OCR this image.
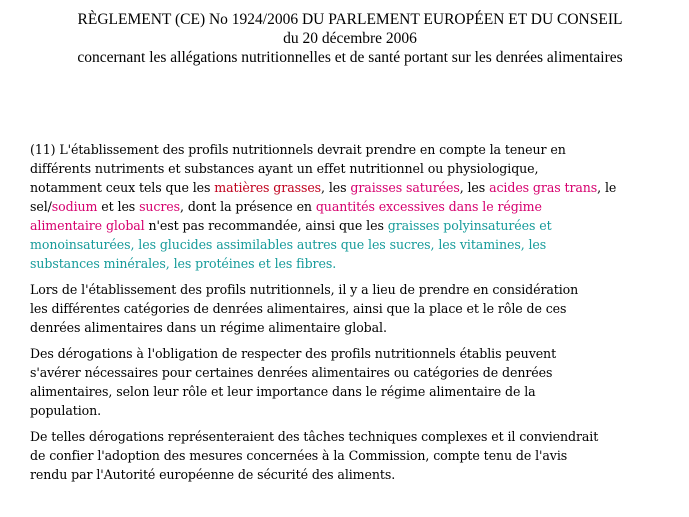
RÈGLEMENT (CE) No 1924/2006 DU PARLEMENT EUROPÉEN ET DU CONSEIL
du 20 décembre 2006
concernant les allégations nutritionnelles et de santé portant sur les denrées alimentaires

(11) L'établissement des profils nutritionnels devrait prendre en compte la teneur en
différents nutriments et substances ayant un effet nutritionnel ou physiologique,
notamment ceux tels que les matières grasses, les graisses saturées, les acides gras trans, le
sel/sodium et les sucres, dont la présence en quantités excessives dans le régime
alimentaire global n'est pas recommandée, ainsi que les graisses polyinsaturées et
monoinsaturées, les glucides assimilables autres que les sucres, les vitamines, les
substances minérales, les protéines et les fibres.

Lors de l'établissement des profils nutritionnels, il y a lieu de prendre en considération
les différentes catégories de denrées alimentaires, ainsi que la place et le rôle de ces
denrées alimentaires dans un régime alimentaire global.

Des dérogations à l'obligation de respecter des profils nutritionnels établis peuvent
s'avérer nécessaires pour certaines denrées alimentaires ou catégories de denrées
alimentaires, selon leur rôle et leur importance dans le régime alimentaire de la
population.

De telles dérogations représenteraient des tâches techniques complexes et il conviendrait
de confier l'adoption des mesures concernées à la Commission, compte tenu de l'avis
rendu par l'Autorité européenne de sécurité des aliments.
